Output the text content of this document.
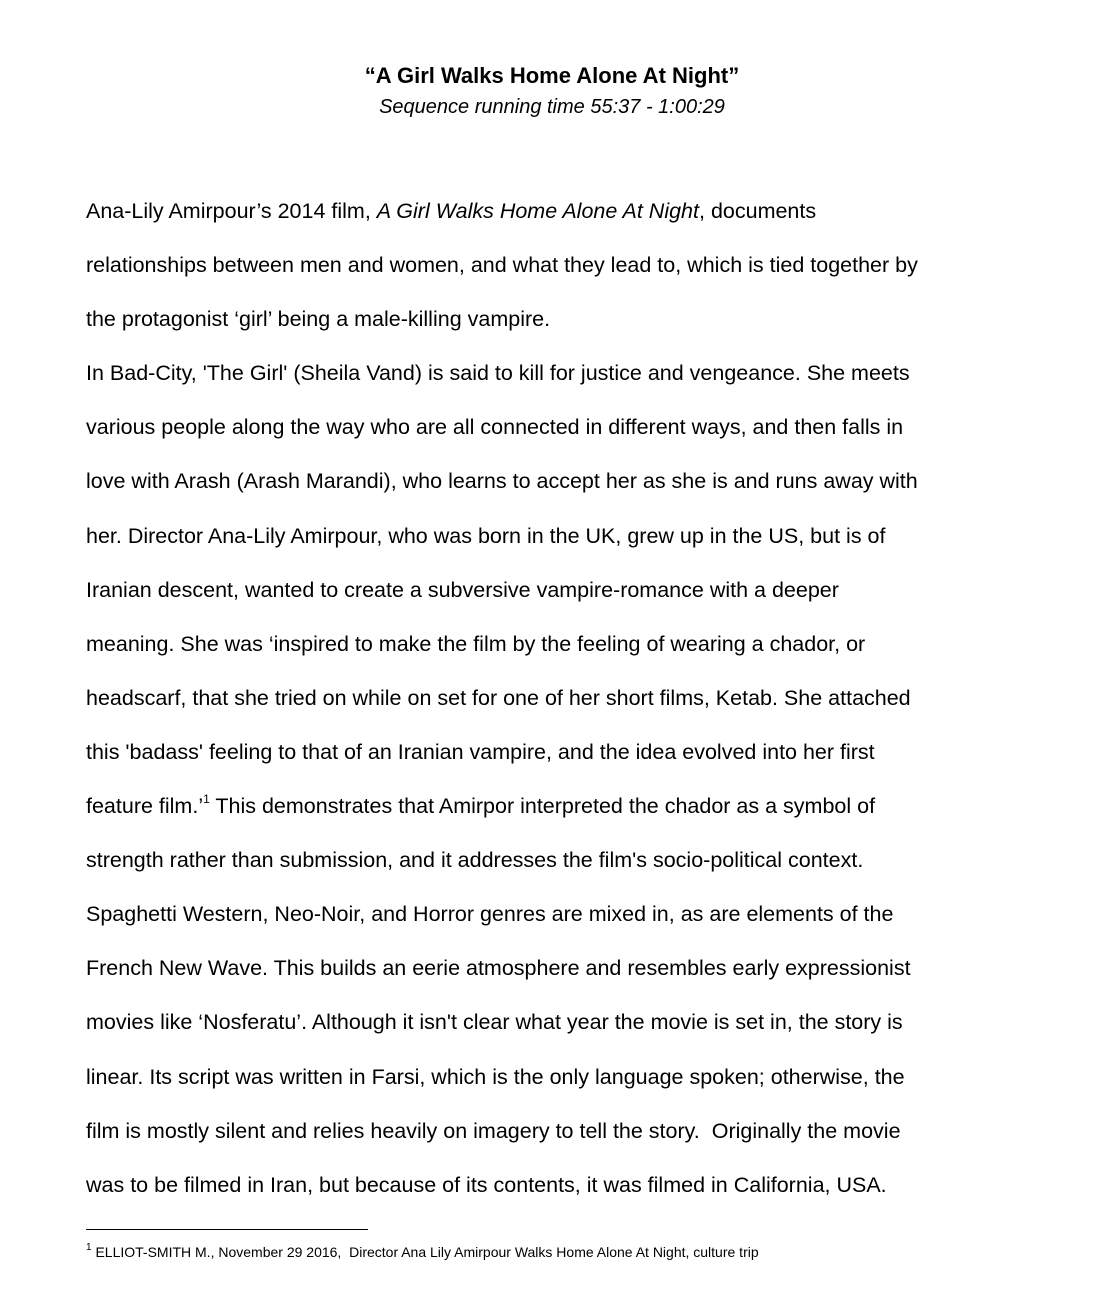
“A Girl Walks Home Alone At Night”

Sequence running time 55:37 - 1:00:29

Ana-Lily Amirpour’s 2014 film, A Girl Walks Home Alone At Night, documents
relationships between men and women, and what they lead to, which is tied together by
the protagonist ‘girl’ being a male-killing vampire.
In Bad-City, 'The Girl' (Sheila Vand) is said to kill for justice and vengeance. She meets
various people along the way who are all connected in different ways, and then falls in
love with Arash (Arash Marandi), who learns to accept her as she is and runs away with
her. Director Ana-Lily Amirpour, who was born in the UK, grew up in the US, but is of
Iranian descent, wanted to create a subversive vampire-romance with a deeper
meaning. She was ‘inspired to make the film by the feeling of wearing a chador, or
headscarf, that she tried on while on set for one of her short films, Ketab. She attached
this 'badass' feeling to that of an Iranian vampire, and the idea evolved into her first
feature film.’$^1$ This demonstrates that Amirpor interpreted the chador as a symbol of
strength rather than submission, and it addresses the film's socio-political context.
Spaghetti Western, Neo-Noir, and Horror genres are mixed in, as are elements of the
French New Wave. This builds an eerie atmosphere and resembles early expressionist
movies like ‘Nosferatu’. Although it isn't clear what year the movie is set in, the story is
linear. Its script was written in Farsi, which is the only language spoken; otherwise, the
film is mostly silent and relies heavily on imagery to tell the story.  Originally the movie
was to be filmed in Iran, but because of its contents, it was filmed in California, USA.
$^1$ ELLIOT-SMITH M., November 29 2016,  Director Ana Lily Amirpour Walks Home Alone At Night, culture trip
